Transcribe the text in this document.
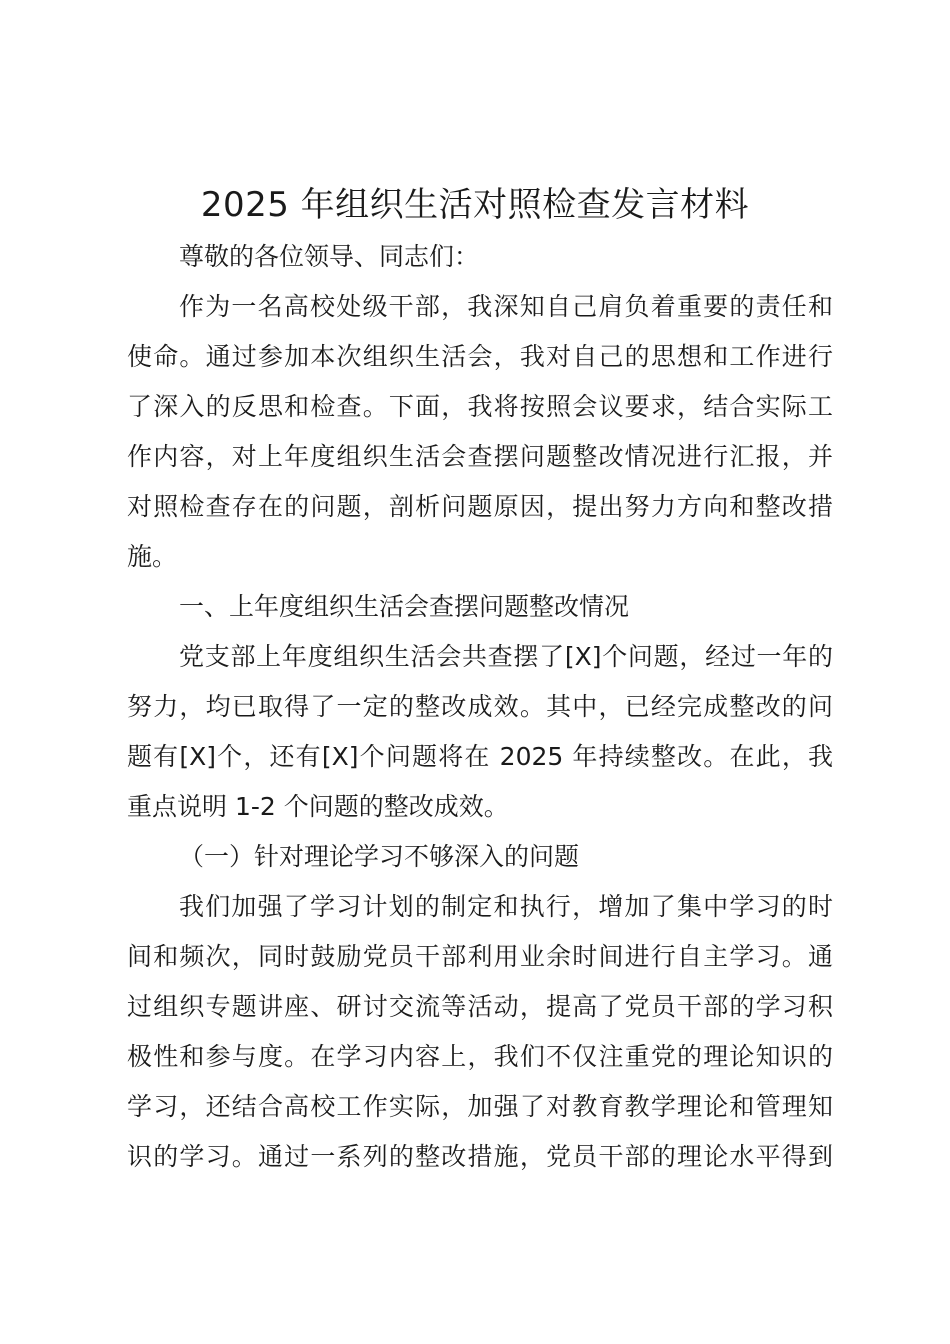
2025 年组织生活对照检查发言材料
尊敬的各位领导、同志们：
作为一名高校处级干部，我深知自己肩负着重要的责任和
使命。通过参加本次组织生活会，我对自己的思想和工作进行
了深入的反思和检查。下面，我将按照会议要求，结合实际工
作内容，对上年度组织生活会查摆问题整改情况进行汇报，并
对照检查存在的问题，剖析问题原因，提出努力方向和整改措
施。
一、上年度组织生活会查摆问题整改情况
党支部上年度组织生活会共查摆了[X]个问题，经过一年的
努力，均已取得了一定的整改成效。其中，已经完成整改的问
题有[X]个，还有[X]个问题将在 2025 年持续整改。在此，我
重点说明 1-2 个问题的整改成效。
（一）针对理论学习不够深入的问题
我们加强了学习计划的制定和执行，增加了集中学习的时
间和频次，同时鼓励党员干部利用业余时间进行自主学习。通
过组织专题讲座、研讨交流等活动，提高了党员干部的学习积
极性和参与度。在学习内容上，我们不仅注重党的理论知识的
学习，还结合高校工作实际，加强了对教育教学理论和管理知
识的学习。通过一系列的整改措施，党员干部的理论水平得到
